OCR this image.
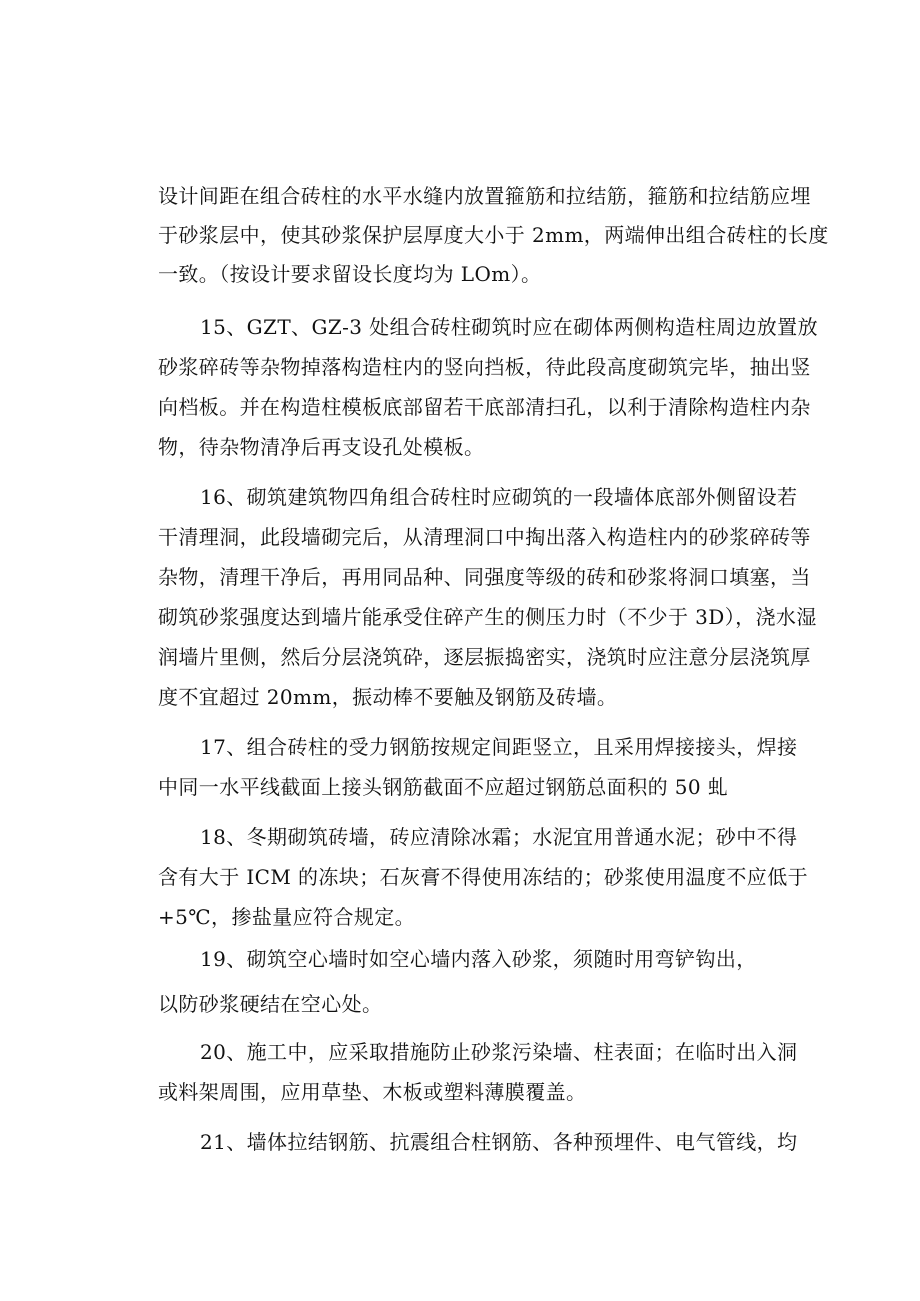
设计间距在组合砖柱的水平水缝内放置箍筋和拉结筋，箍筋和拉结筋应埋
于砂浆层中，使其砂浆保护层厚度大小于 2mm，两端伸出组合砖柱的长度
一致。（按设计要求留设长度均为 LOm）。
15、GZT、GZ-3 处组合砖柱砌筑时应在砌体两侧构造柱周边放置放
砂浆碎砖等杂物掉落构造柱内的竖向挡板，待此段高度砌筑完毕，抽出竖
向档板。并在构造柱模板底部留若干底部清扫孔，以利于清除构造柱内杂
物，待杂物清净后再支设孔处模板。
16、砌筑建筑物四角组合砖柱时应砌筑的一段墙体底部外侧留设若
干清理洞，此段墙砌完后，从清理洞口中掏出落入构造柱内的砂浆碎砖等
杂物，清理干净后，再用同品种、同强度等级的砖和砂浆将洞口填塞，当
砌筑砂浆强度达到墙片能承受住碎产生的侧压力时（不少于 3D），浇水湿
润墙片里侧，然后分层浇筑砕，逐层振捣密实，浇筑时应注意分层浇筑厚
度不宜超过 20mm，振动棒不要触及钢筋及砖墙。
17、组合砖柱的受力钢筋按规定间距竖立，且采用焊接接头，焊接
中同一水平线截面上接头钢筋截面不应超过钢筋总面积的 50 虬
18、冬期砌筑砖墙，砖应清除冰霜；水泥宜用普通水泥；砂中不得
含有大于 ICM 的冻块；石灰膏不得使用冻结的；砂浆使用温度不应低于
+5℃，掺盐量应符合规定。
19、砌筑空心墙时如空心墙内落入砂浆，须随时用弯铲钩出，
以防砂浆硬结在空心处。
20、施工中，应采取措施防止砂浆污染墙、柱表面；在临时出入洞
或料架周围，应用草垫、木板或塑料薄膜覆盖。
21、墙体拉结钢筋、抗震组合柱钢筋、各种预埋件、电气管线，均
